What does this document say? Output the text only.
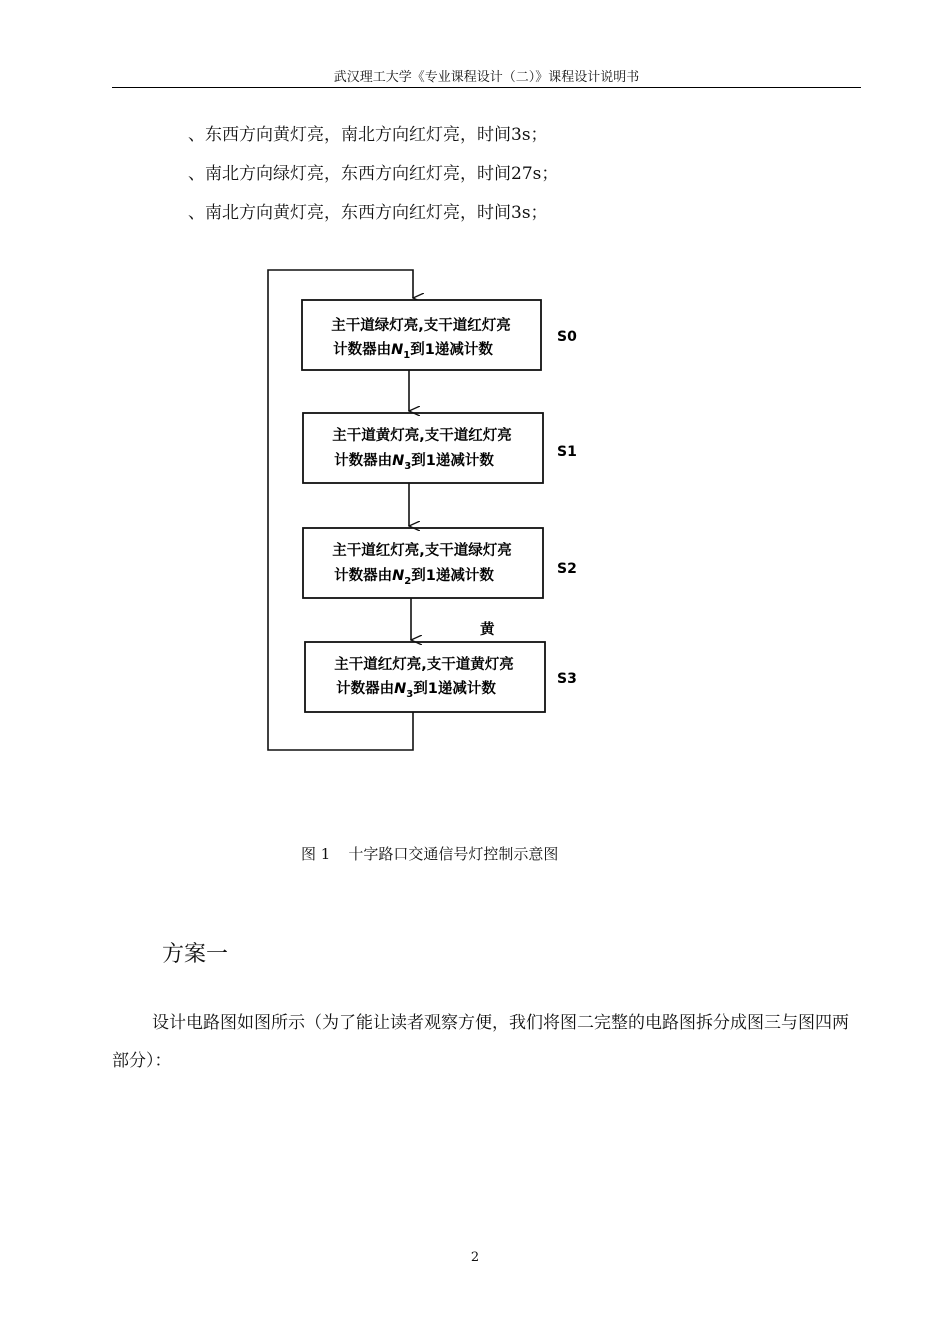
武汉理工大学《专业课程设计（二）》课程设计说明书
、东西方向黄灯亮，南北方向红灯亮，时间3s；
、南北方向绿灯亮，东西方向红灯亮，时间27s；
、南北方向黄灯亮，东西方向红灯亮，时间3s；
主干道绿灯亮,支干道红灯亮
计数器由$N_1$到1递减计数
S0
主干道黄灯亮,支干道红灯亮
计数器由$N_3$到1递减计数
S1
主干道红灯亮,支干道绿灯亮
计数器由$N_2$到1递减计数	S2
黄
主干道红灯亮,支干道黄灯亮
计数器由$N_3$到1递减计数
S3
图 1 十字路口交通信号灯控制示意图
方案一
设计电路图如图所示（为了能让读者观察方便，我们将图二完整的电路图拆分成图三与图四两部分）：
2
